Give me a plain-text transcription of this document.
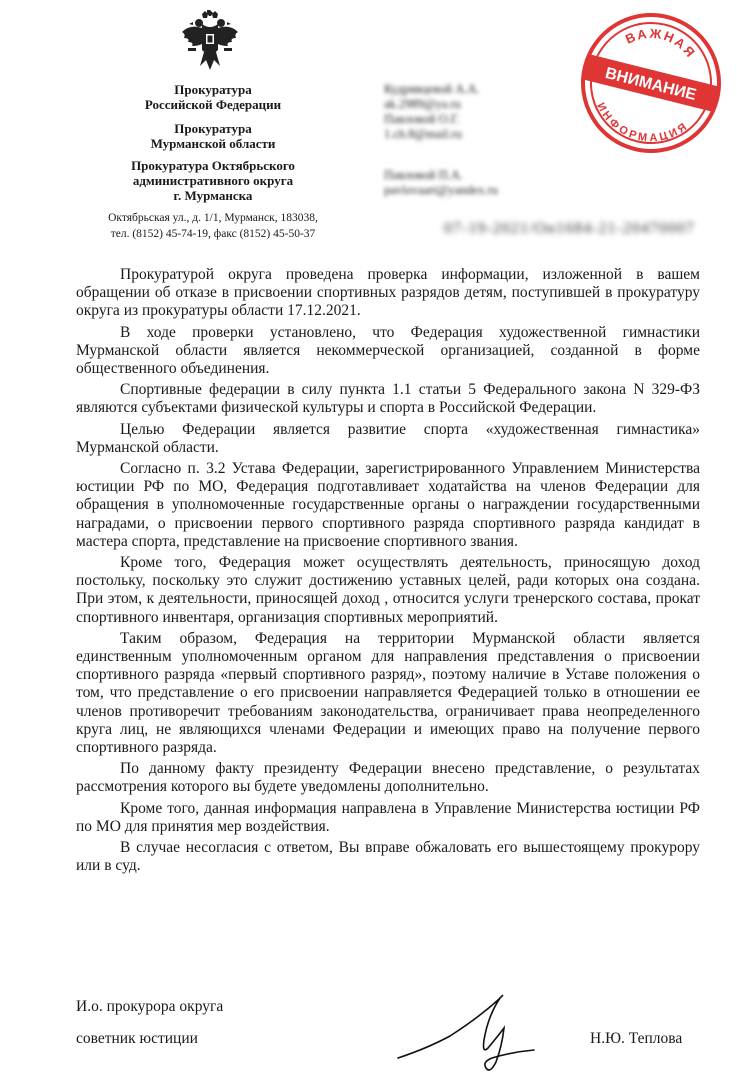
Прокуратура
Российской Федерации
Прокуратура
Мурманской области
Прокуратура Октябрьского
административного округа
г. Мурманска
Октябрьская ул., д. 1/1, Мурманск, 183038,
тел. (8152) 45-74-19, факс (8152) 45-50-37
Кудрявцевой А.А.
ak.2989@ya.ru
Павловой О.Г.
1.ch.8@mail.ru
Павловой П.А.
pavlovaart@yandex.ru
07-19-2021/Он1684-21-20470007
ВАЖНАЯ
ИНФОРМАЦИЯ
ВНИМАНИЕ

Прокуратурой округа проведена проверка информации, изложенной в вашем обращении об отказе в присвоении спортивных разрядов детям, поступившей в прокуратуру округа из прокуратуры области 17.12.2021.

В ходе проверки установлено, что Федерация художественной гимнастики Мурманской области является некоммерческой организацией, созданной в форме общественного объединения.

Спортивные федерации в силу пункта 1.1 статьи 5 Федерального закона N 329-ФЗ являются субъектами физической культуры и спорта в Российской Федерации.

Целью Федерации является развитие спорта «художественная гимнастика» Мурманской области.

Согласно п. 3.2 Устава Федерации, зарегистрированного Управлением Министерства юстиции РФ по МО, Федерация подготавливает ходатайства на членов Федерации для обращения в уполномоченные государственные органы о награждении государственными наградами, о присвоении первого спортивного разряда спортивного разряда кандидат в мастера спорта, представление на присвоение спортивного звания.

Кроме того, Федерация может осуществлять деятельность, приносящую доход постольку, поскольку это служит достижению уставных целей, ради которых она создана. При этом, к деятельности, приносящей доход , относится услуги тренерского состава, прокат спортивного инвентаря, организация спортивных мероприятий.

Таким образом, Федерация на территории Мурманской области является единственным уполномоченным органом для направления представления о присвоении спортивного разряда «первый спортивного разряд», поэтому наличие в Уставе положения о том, что представление о его присвоении направляется Федерацией только в отношении ее членов противоречит требованиям законодательства, ограничивает права неопределенного круга лиц, не являющихся членами Федерации и имеющих право на получение первого спортивного разряда.

По данному факту президенту Федерации внесено представление, о результатах рассмотрения которого вы будете уведомлены дополнительно.

Кроме того, данная информация направлена в Управление Министерства юстиции РФ по МО для принятия мер воздействия.

В случае несогласия с ответом, Вы вправе обжаловать его вышестоящему прокурору или в суд.

И.о. прокурора округа
советник юстиции	Н.Ю. Теплова
